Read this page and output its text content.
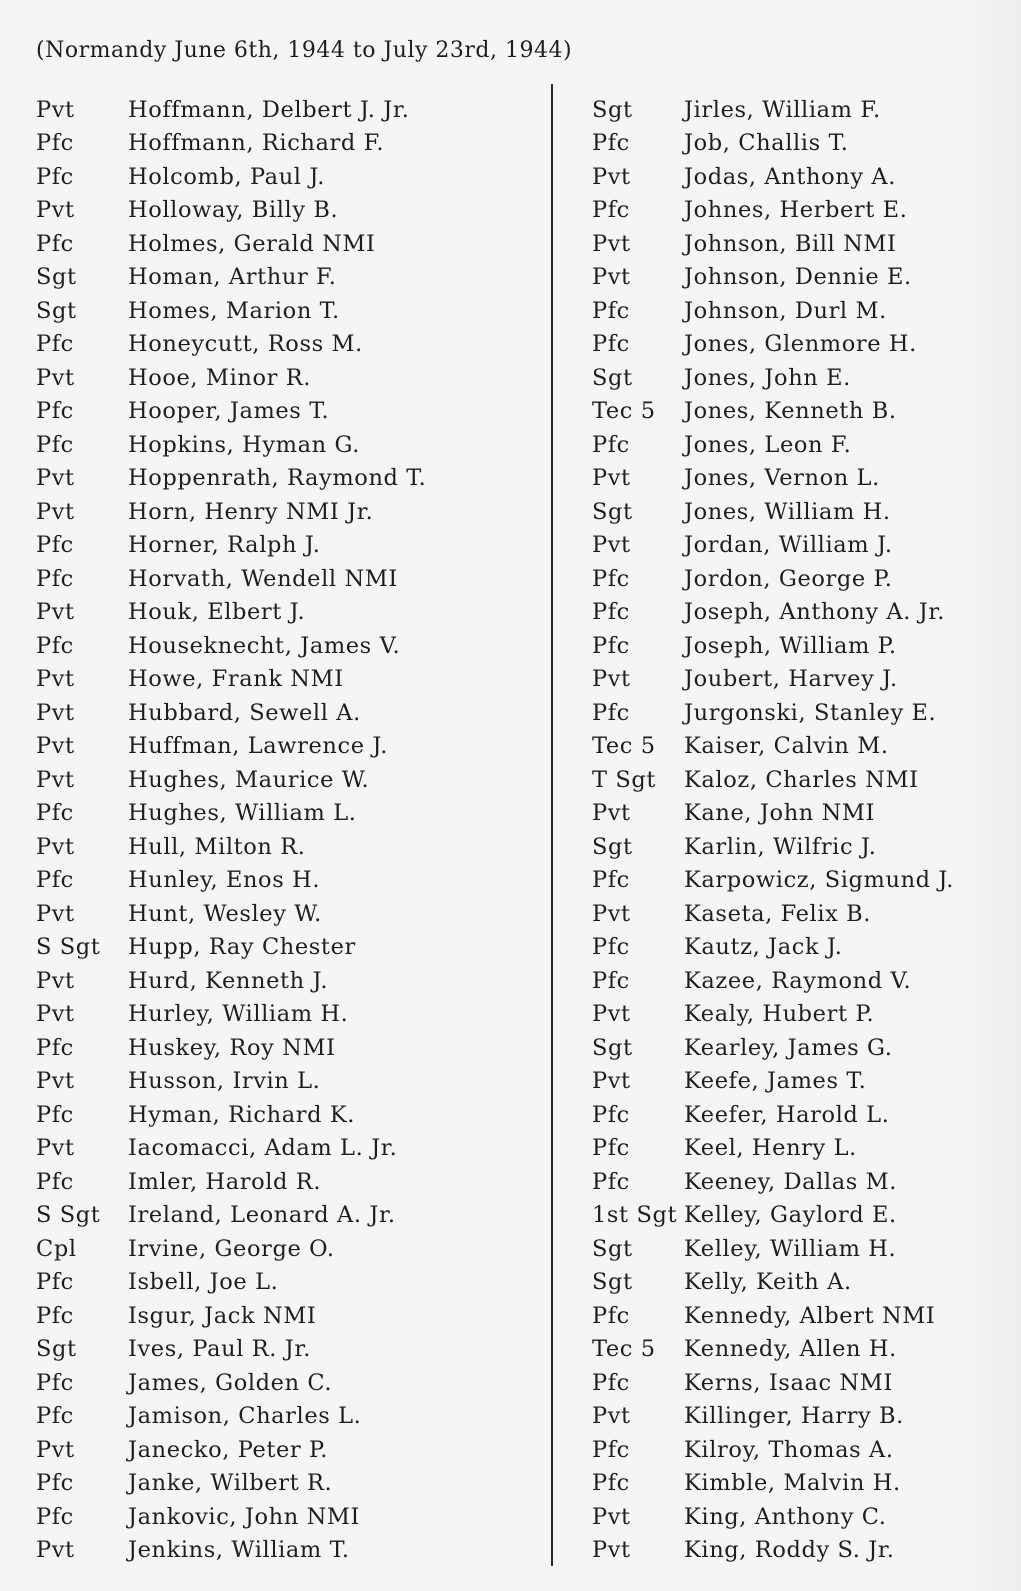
(Normandy June 6th, 1944 to July 23rd, 1944)
Pvt	Hoffmann, Delbert J. Jr.
Pfc	Hoffmann, Richard F.
Pfc	Holcomb, Paul J.
Pvt	Holloway, Billy B.
Pfc	Holmes, Gerald NMI
Sgt	Homan, Arthur F.
Sgt	Homes, Marion T.
Pfc	Honeycutt, Ross M.
Pvt	Hooe, Minor R.
Pfc	Hooper, James T.
Pfc	Hopkins, Hyman G.
Pvt	Hoppenrath, Raymond T.
Pvt	Horn, Henry NMI Jr.
Pfc	Horner, Ralph J.
Pfc	Horvath, Wendell NMI
Pvt	Houk, Elbert J.
Pfc	Houseknecht, James V.
Pvt	Howe, Frank NMI
Pvt	Hubbard, Sewell A.
Pvt	Huffman, Lawrence J.
Pvt	Hughes, Maurice W.
Pfc	Hughes, William L.
Pvt	Hull, Milton R.
Pfc	Hunley, Enos H.
Pvt	Hunt, Wesley W.
S Sgt	Hupp, Ray Chester
Pvt	Hurd, Kenneth J.
Pvt	Hurley, William H.
Pfc	Huskey, Roy NMI
Pvt	Husson, Irvin L.
Pfc	Hyman, Richard K.
Pvt	Iacomacci, Adam L. Jr.
Pfc	Imler, Harold R.
S Sgt	Ireland, Leonard A. Jr.
Cpl	Irvine, George O.
Pfc	Isbell, Joe L.
Pfc	Isgur, Jack NMI
Sgt	Ives, Paul R. Jr.
Pfc	James, Golden C.
Pfc	Jamison, Charles L.
Pvt	Janecko, Peter P.
Pfc	Janke, Wilbert R.
Pfc	Jankovic, John NMI
Pvt	Jenkins, William T.
Sgt	Jirles, William F.
Pfc	Job, Challis T.
Pvt	Jodas, Anthony A.
Pfc	Johnes, Herbert E.
Pvt	Johnson, Bill NMI
Pvt	Johnson, Dennie E.
Pfc	Johnson, Durl M.
Pfc	Jones, Glenmore H.
Sgt	Jones, John E.
Tec 5	Jones, Kenneth B.
Pfc	Jones, Leon F.
Pvt	Jones, Vernon L.
Sgt	Jones, William H.
Pvt	Jordan, William J.
Pfc	Jordon, George P.
Pfc	Joseph, Anthony A. Jr.
Pfc	Joseph, William P.
Pvt	Joubert, Harvey J.
Pfc	Jurgonski, Stanley E.
Tec 5	Kaiser, Calvin M.
T Sgt	Kaloz, Charles NMI
Pvt	Kane, John NMI
Sgt	Karlin, Wilfric J.
Pfc	Karpowicz, Sigmund J.
Pvt	Kaseta, Felix B.
Pfc	Kautz, Jack J.
Pfc	Kazee, Raymond V.
Pvt	Kealy, Hubert P.
Sgt	Kearley, James G.
Pvt	Keefe, James T.
Pfc	Keefer, Harold L.
Pfc	Keel, Henry L.
Pfc	Keeney, Dallas M.
1st Sgt Kelley, Gaylord E.
Sgt	Kelley, William H.
Sgt	Kelly, Keith A.
Pfc	Kennedy, Albert NMI
Tec 5	Kennedy, Allen H.
Pfc	Kerns, Isaac NMI
Pvt	Killinger, Harry B.
Pfc	Kilroy, Thomas A.
Pfc	Kimble, Malvin H.
Pvt	King, Anthony C.
Pvt	King, Roddy S. Jr.
